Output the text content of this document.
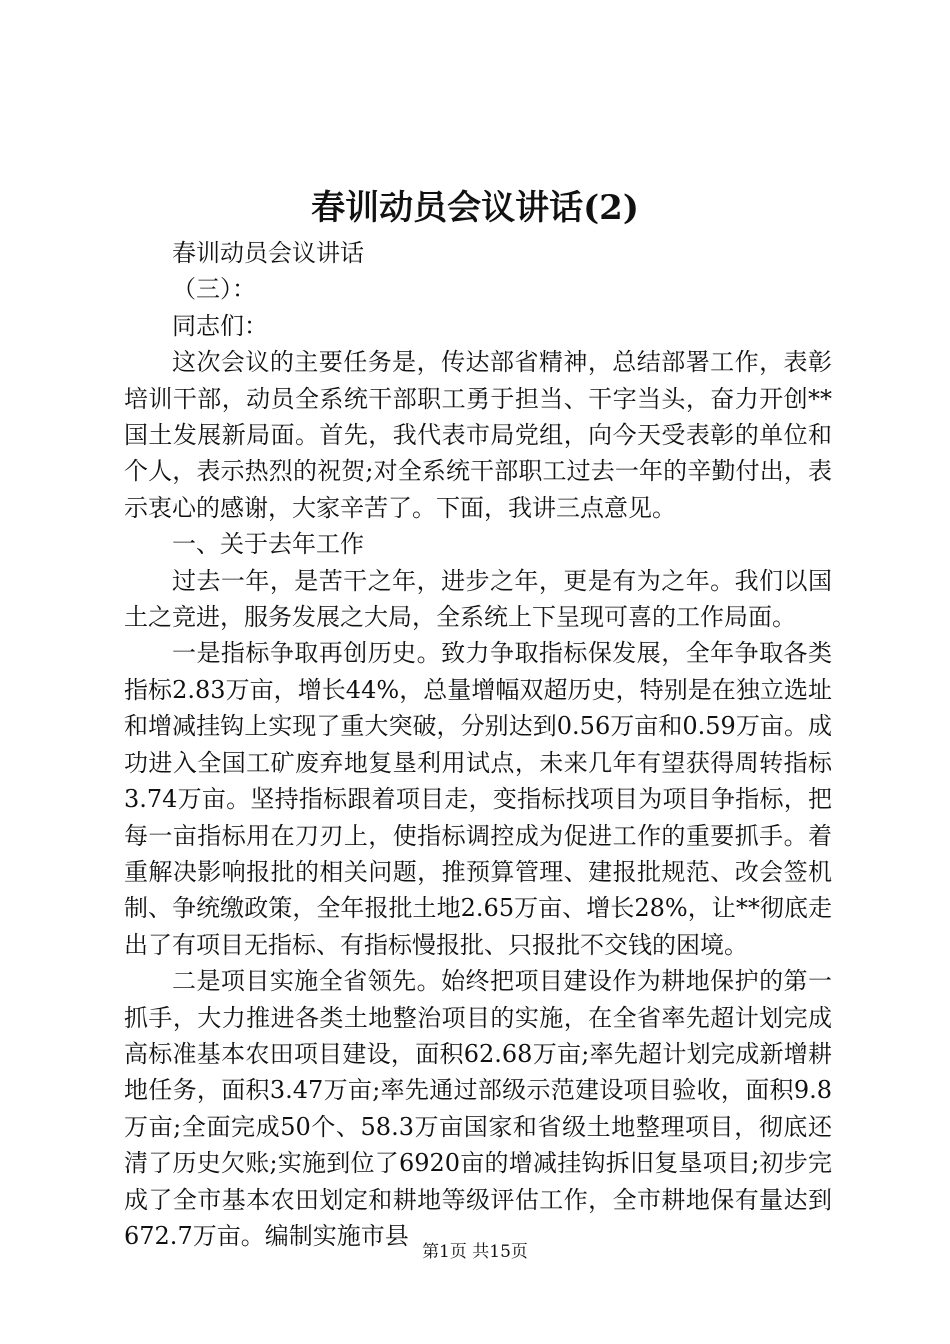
春训动员会议讲话(2)

春训动员会议讲话

（三）：

同志们：

这次会议的主要任务是，传达部省精神，总结部署工作，表彰培训干部，动员全系统干部职工勇于担当、干字当头，奋力开创**国土发展新局面。首先，我代表市局党组，向今天受表彰的单位和个人，表示热烈的祝贺;对全系统干部职工过去一年的辛勤付出，表示衷心的感谢，大家辛苦了。下面，我讲三点意见。

一、关于去年工作

过去一年，是苦干之年，进步之年，更是有为之年。我们以国土之竞进，服务发展之大局，全系统上下呈现可喜的工作局面。

一是指标争取再创历史。致力争取指标保发展，全年争取各类指标2.83万亩，增长44%，总量增幅双超历史，特别是在独立选址和增减挂钩上实现了重大突破，分别达到0.56万亩和0.59万亩。成功进入全国工矿废弃地复垦利用试点，未来几年有望获得周转指标3.74万亩。坚持指标跟着项目走，变指标找项目为项目争指标，把每一亩指标用在刀刃上，使指标调控成为促进工作的重要抓手。着重解决影响报批的相关问题，推预算管理、建报批规范、改会签机制、争统缴政策，全年报批土地2.65万亩、增长28%，让**彻底走出了有项目无指标、有指标慢报批、只报批不交钱的困境。

二是项目实施全省领先。始终把项目建设作为耕地保护的第一抓手，大力推进各类土地整治项目的实施，在全省率先超计划完成高标准基本农田项目建设，面积62.68万亩;率先超计划完成新增耕地任务，面积3.47万亩;率先通过部级示范建设项目验收，面积9.8万亩;全面完成50个、58.3万亩国家和省级土地整理项目，彻底还清了历史欠账;实施到位了6920亩的增减挂钩拆旧复垦项目;初步完成了全市基本农田划定和耕地等级评估工作，全市耕地保有量达到672.7万亩。编制实施市县

第1页 共15页
